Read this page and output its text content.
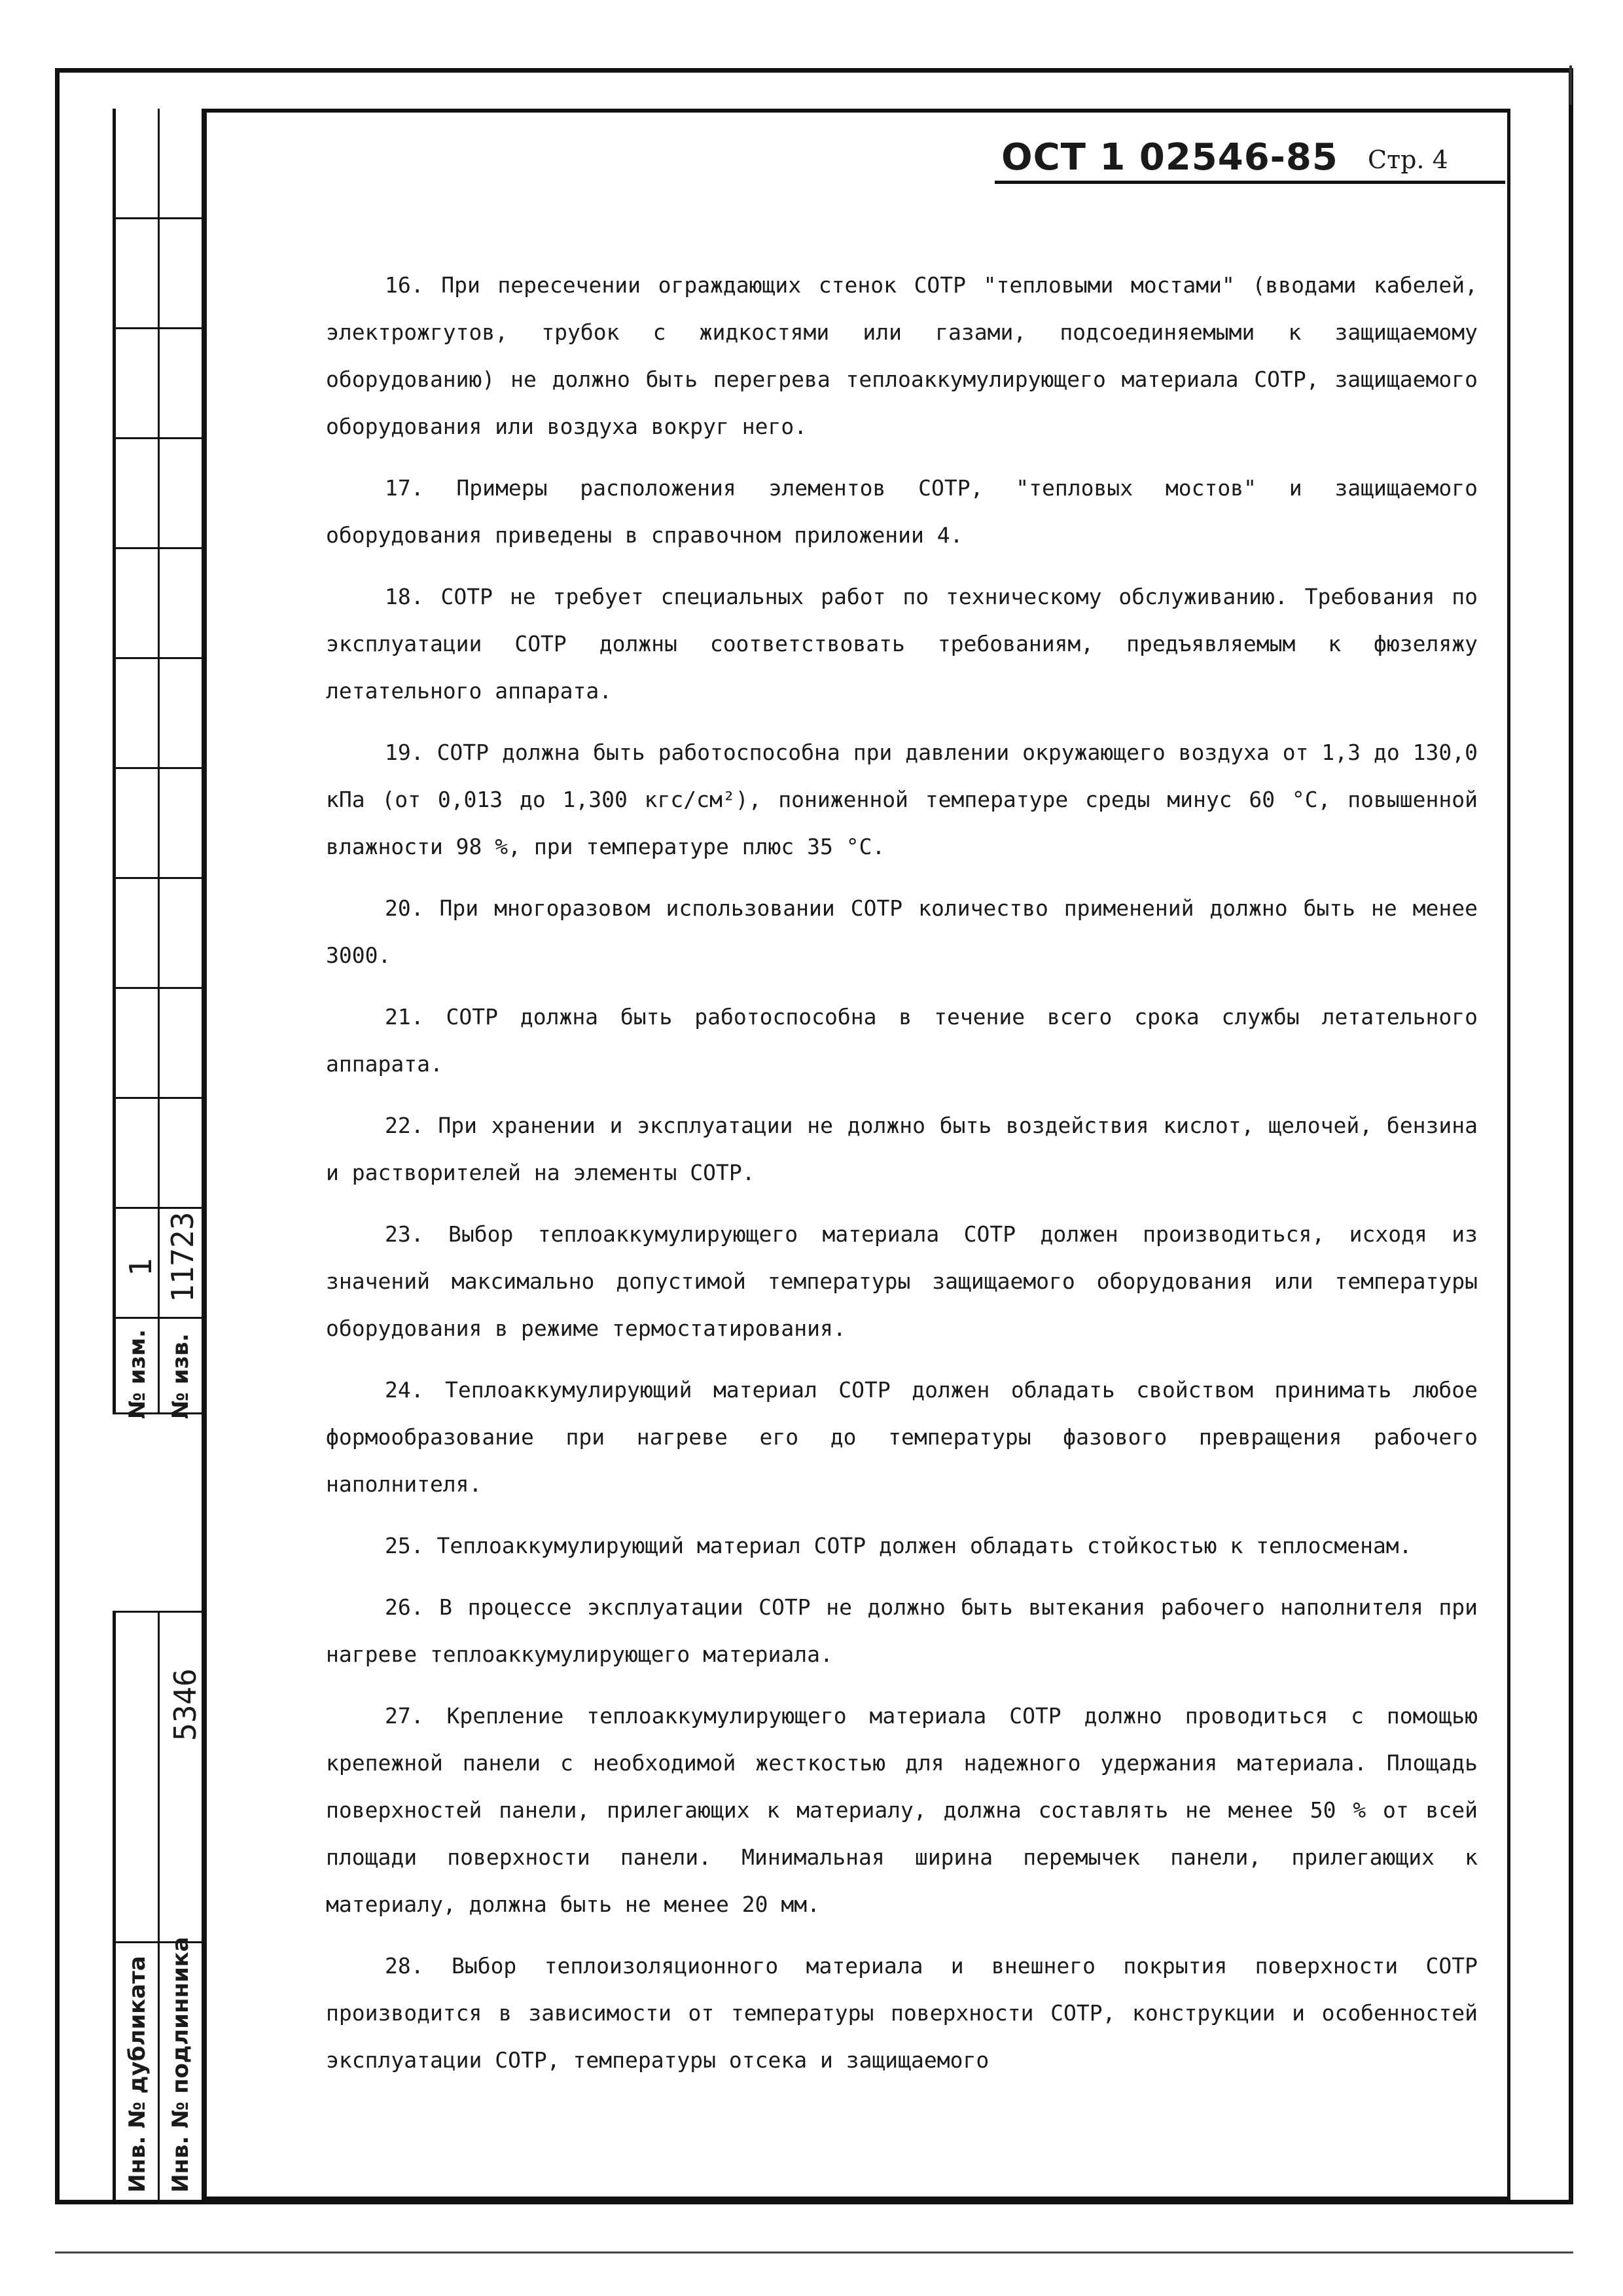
№ изм.
1
№ изв.
11723
5346
Инв. № дубликата Инв. № подлинника
ОСТ 1 02546-85 Стр. 4

16. При пересечении ограждающих стенок СОТР "тепловыми мостами" (вводами кабелей, электрожгутов, трубок с жидкостями или газами, подсоединяемыми к защищаемому оборудованию) не должно быть перегрева теплоаккумулирующего материала СОТР, защищаемого оборудования или воздуха вокруг него.

17. Примеры расположения элементов СОТР, "тепловых мостов" и защищаемого оборудования приведены в справочном приложении 4.

18. СОТР не требует специальных работ по техническому обслуживанию. Требования по эксплуатации СОТР должны соответствовать требованиям, предъявляемым к фюзеляжу летательного аппарата.

19. СОТР должна быть работоспособна при давлении окружающего воздуха от 1,3 до 130,0 кПа (от 0,013 до 1,300 кгс/см²), пониженной температуре среды минус 60 °С, повышенной влажности 98 %, при температуре плюс 35 °С.

20. При многоразовом использовании СОТР количество применений должно быть не менее 3000.

21. СОТР должна быть работоспособна в течение всего срока службы летательного аппарата.

22. При хранении и эксплуатации не должно быть воздействия кислот, щелочей, бензина и растворителей на элементы СОТР.

23. Выбор теплоаккумулирующего материала СОТР должен производиться, исходя из значений максимально допустимой температуры защищаемого оборудования или температуры оборудования в режиме термостатирования.

24. Теплоаккумулирующий материал СОТР должен обладать свойством принимать любое формообразование при нагреве его до температуры фазового превращения рабочего наполнителя.

25. Теплоаккумулирующий материал СОТР должен обладать стойкостью к теплосменам.

26. В процессе эксплуатации СОТР не должно быть вытекания рабочего наполнителя при нагреве теплоаккумулирующего материала.

27. Крепление теплоаккумулирующего материала СОТР должно проводиться с помощью крепежной панели с необходимой жесткостью для надежного удержания материала. Площадь поверхностей панели, прилегающих к материалу, должна составлять не менее 50 % от всей площади поверхности панели. Минимальная ширина перемычек панели, прилегающих к материалу, должна быть не менее 20 мм.

28. Выбор теплоизоляционного материала и внешнего покрытия поверхности СОТР производится в зависимости от температуры поверхности СОТР, конструкции и особенностей эксплуатации СОТР, температуры отсека и защищаемого
